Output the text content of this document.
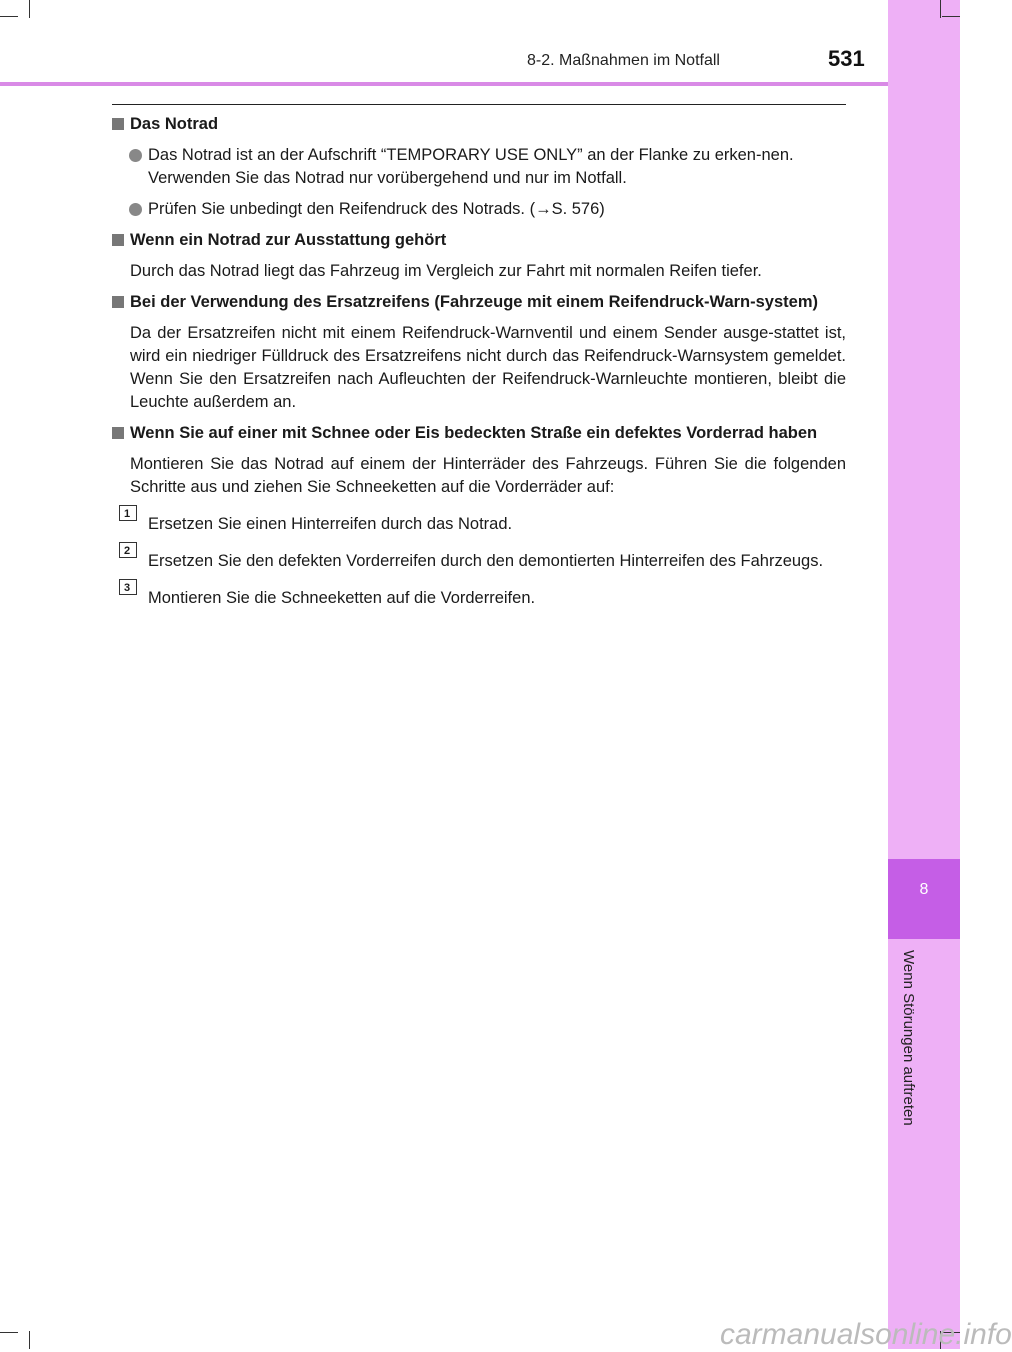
8-2. Maßnahmen im Notfall	531
8
Wenn Störungen auftreten
Das Notrad
Das Notrad ist an der Aufschrift “TEMPORARY USE ONLY” an der Flanke zu erken-nen.
Verwenden Sie das Notrad nur vorübergehend und nur im Notfall.
Prüfen Sie unbedingt den Reifendruck des Notrads. (→S. 576)
Wenn ein Notrad zur Ausstattung gehört
Durch das Notrad liegt das Fahrzeug im Vergleich zur Fahrt mit normalen Reifen tiefer.
Bei der Verwendung des Ersatzreifens (Fahrzeuge mit einem Reifendruck-Warn-system)
Da der Ersatzreifen nicht mit einem Reifendruck-Warnventil und einem Sender ausge-stattet ist, wird ein niedriger Fülldruck des Ersatzreifens nicht durch das Reifendruck-Warnsystem gemeldet. Wenn Sie den Ersatzreifen nach Aufleuchten der Reifendruck-Warnleuchte montieren, bleibt die Leuchte außerdem an.
Wenn Sie auf einer mit Schnee oder Eis bedeckten Straße ein defektes Vorderrad haben
Montieren Sie das Notrad auf einem der Hinterräder des Fahrzeugs. Führen Sie die folgenden Schritte aus und ziehen Sie Schneeketten auf die Vorderräder auf:
1
Ersetzen Sie einen Hinterreifen durch das Notrad.
2
Ersetzen Sie den defekten Vorderreifen durch den demontierten Hinterreifen des Fahrzeugs.
3
Montieren Sie die Schneeketten auf die Vorderreifen.
carmanualsonline.info
